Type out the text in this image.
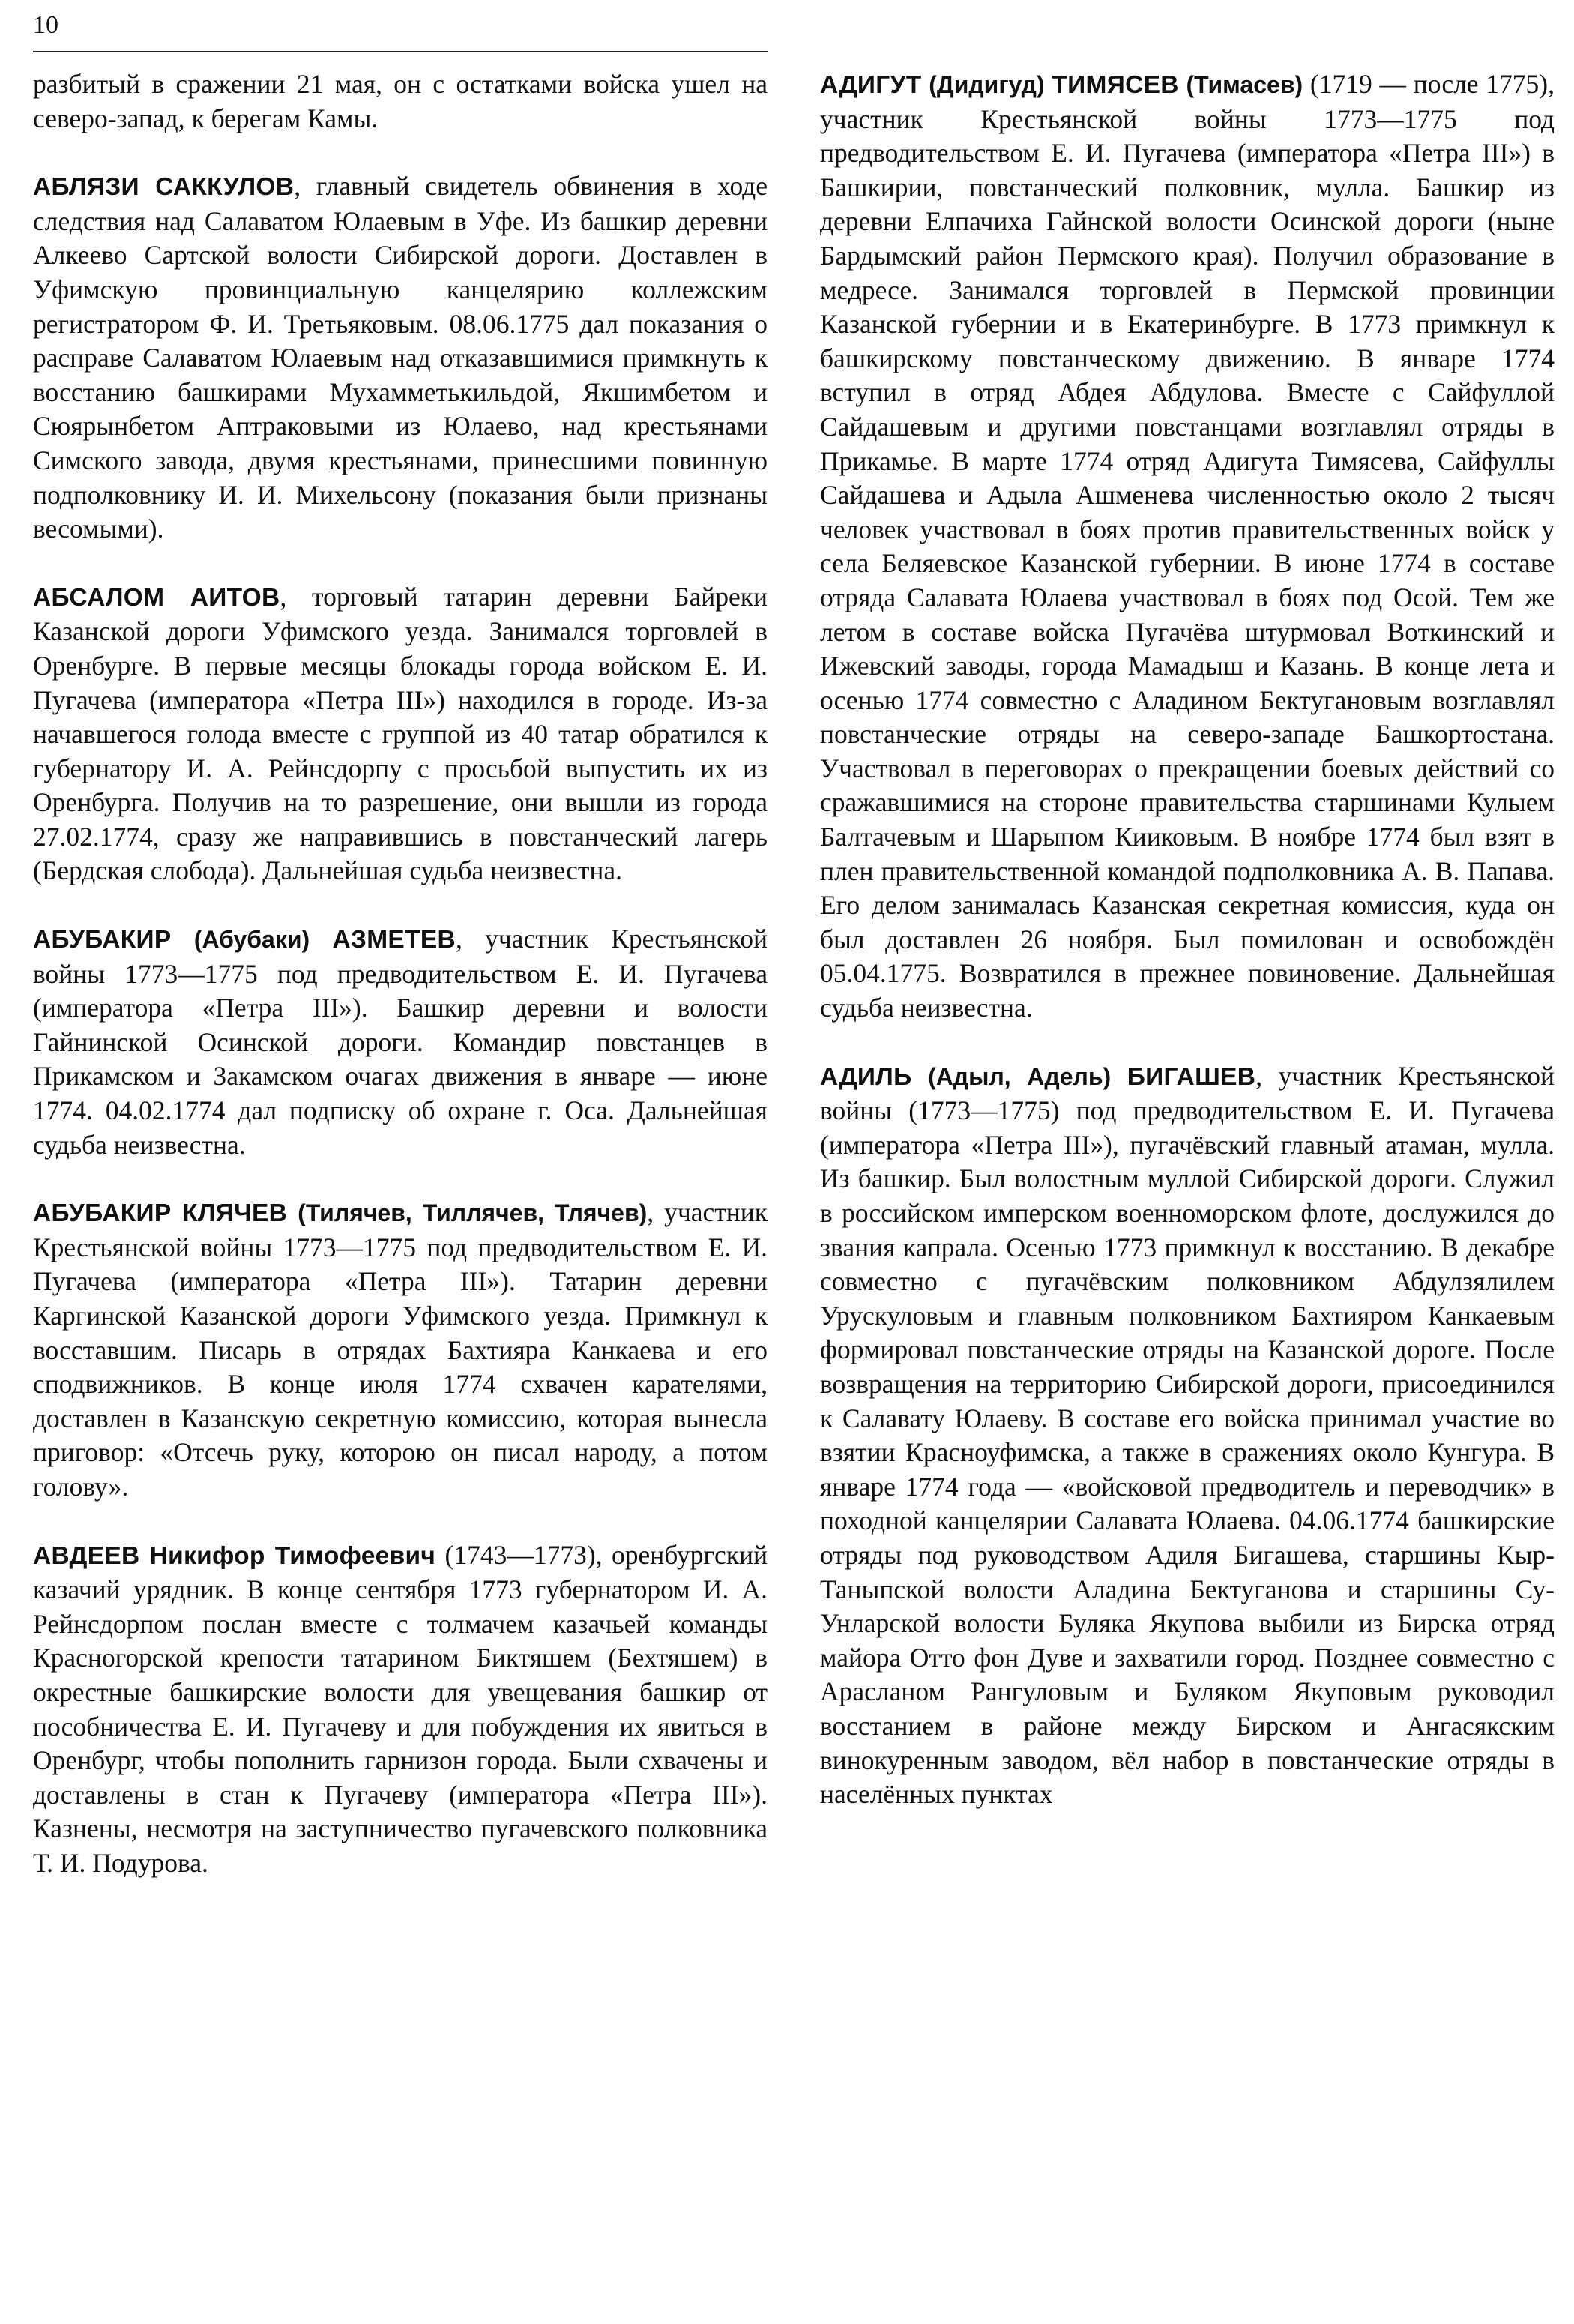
10

разбитый в сражении 21 мая, он с остатками войска ушел на северо-запад, к берегам Камы.

АБЛЯЗИ САККУЛОВ, главный свидетель обвинения в ходе следствия над Салаватом Юлаевым в Уфе. Из башкир деревни Алкеево Сартской волости Сибирской дороги. Доставлен в Уфимскую провинциальную канцелярию коллежским регистратором Ф. И. Третьяковым. 08.06.1775 дал показания о расправе Салаватом Юлаевым над отказавшимися примкнуть к восстанию башкирами Мухамметькильдой, Якшимбетом и Сюярынбетом Аптраковыми из Юлаево, над крестьянами Симского завода, двумя крестьянами, принесшими повинную подполковнику И. И. Михельсону (показания были признаны весомыми).

АБСАЛОМ АИТОВ, торговый татарин деревни Байреки Казанской дороги Уфимского уезда. Занимался торговлей в Оренбурге. В первые месяцы блокады города войском Е. И. Пугачева (императора «Петра III») находился в городе. Из-за начавшегося голода вместе с группой из 40 татар обратился к губернатору И. А. Рейнсдорпу с просьбой выпустить их из Оренбурга. Получив на то разрешение, они вышли из города 27.02.1774, сразу же направившись в повстанческий лагерь (Бердская слобода). Дальнейшая судьба неизвестна.

АБУБАКИР (Абубаки) АЗМЕТЕВ, участник Крестьянской войны 1773—1775 под предводительством Е. И. Пугачева (императора «Петра III»). Башкир деревни и волости Гайнинской Осинской дороги. Командир повстанцев в Прикамском и Закамском очагах движения в январе — июне 1774. 04.02.1774 дал подписку об охране г. Оса. Дальнейшая судьба неизвестна.

АБУБАКИР КЛЯЧЕВ (Тилячев, Тиллячев, Тлячев), участник Крестьянской войны 1773—1775 под предводительством Е. И. Пугачева (императора «Петра III»). Татарин деревни Каргинской Казанской дороги Уфимского уезда. Примкнул к восставшим. Писарь в отрядах Бахтияра Канкаева и его сподвижников. В конце июля 1774 схвачен карателями, доставлен в Казанскую секретную комиссию, которая вынесла приговор: «Отсечь руку, которою он писал народу, а потом голову».

АВДЕЕВ Никифор Тимофеевич (1743—1773), оренбургский казачий урядник. В конце сентября 1773 губернатором И. А. Рейнсдорпом послан вместе с толмачем казачьей команды Красногорской крепости татарином Биктяшем (Бехтяшем) в окрестные башкирские волости для увещевания башкир от пособничества Е. И. Пугачеву и для побуждения их явиться в Оренбург, чтобы пополнить гарнизон города. Были схвачены и доставлены в стан к Пугачеву (императора «Петра III»). Казнены, несмотря на заступничество пугачевского полковника Т. И. Подурова.

АДИГУТ (Дидигуд) ТИМЯСЕВ (Тимасев) (1719 — после 1775), участник Крестьянской войны 1773—1775 под предводительством Е. И. Пугачева (императора «Петра III») в Башкирии, повстанческий полковник, мулла. Башкир из деревни Елпачиха Гайнской волости Осинской дороги (ныне Бардымский район Пермского края). Получил образование в медресе. Занимался торговлей в Пермской провинции Казанской губернии и в Екатеринбурге. В 1773 примкнул к башкирскому повстанческому движению. В январе 1774 вступил в отряд Абдея Абдулова. Вместе с Сайфуллой Сайдашевым и другими повстанцами возглавлял отряды в Прикамье. В марте 1774 отряд Адигута Тимясева, Сайфуллы Сайдашева и Адыла Ашменева численностью около 2 тысяч человек участвовал в боях против правительственных войск у села Беляевское Казанской губернии. В июне 1774 в составе отряда Салавата Юлаева участвовал в боях под Осой. Тем же летом в составе войска Пугачёва штурмовал Воткинский и Ижевский заводы, города Мамадыш и Казань. В конце лета и осенью 1774 совместно с Аладином Бектугановым возглавлял повстанческие отряды на северо-западе Башкортостана. Участвовал в переговорах о прекращении боевых действий со сражавшимися на стороне правительства старшинами Кулыем Балтачевым и Шарыпом Кииковым. В ноябре 1774 был взят в плен правительственной командой подполковника А. В. Папава. Его делом занималась Казанская секретная комиссия, куда он был доставлен 26 ноября. Был помилован и освобождён 05.04.1775. Возвратился в прежнее повиновение. Дальнейшая судьба неизвестна.

АДИЛЬ (Адыл, Адель) БИГАШЕВ, участник Крестьянской войны (1773—1775) под предводительством Е. И. Пугачева (императора «Петра III»), пугачёвский главный атаман, мулла. Из башкир. Был волостным муллой Сибирской дороги. Служил в российском имперском военноморском флоте, дослужился до звания капрала. Осенью 1773 примкнул к восстанию. В декабре совместно с пугачёвским полковником Абдулзялилем Урускуловым и главным полковником Бахтияром Канкаевым формировал повстанческие отряды на Казанской дороге. После возвращения на территорию Сибирской дороги, присоединился к Салавату Юлаеву. В составе его войска принимал участие во взятии Красноуфимска, а также в сражениях около Кунгура. В январе 1774 года — «войсковой предводитель и переводчик» в походной канцелярии Салавата Юлаева. 04.06.1774 башкирские отряды под руководством Адиля Бигашева, старшины Кыр-Таныпской волости Аладина Бектуганова и старшины Су-Унларской волости Буляка Якупова выбили из Бирска отряд майора Отто фон Дуве и захватили город. Позднее совместно с Арасланом Рангуловым и Буляком Якуповым руководил восстанием в районе между Бирском и Ангасякским винокуренным заводом, вёл набор в повстанческие отряды в населённых пунктах
